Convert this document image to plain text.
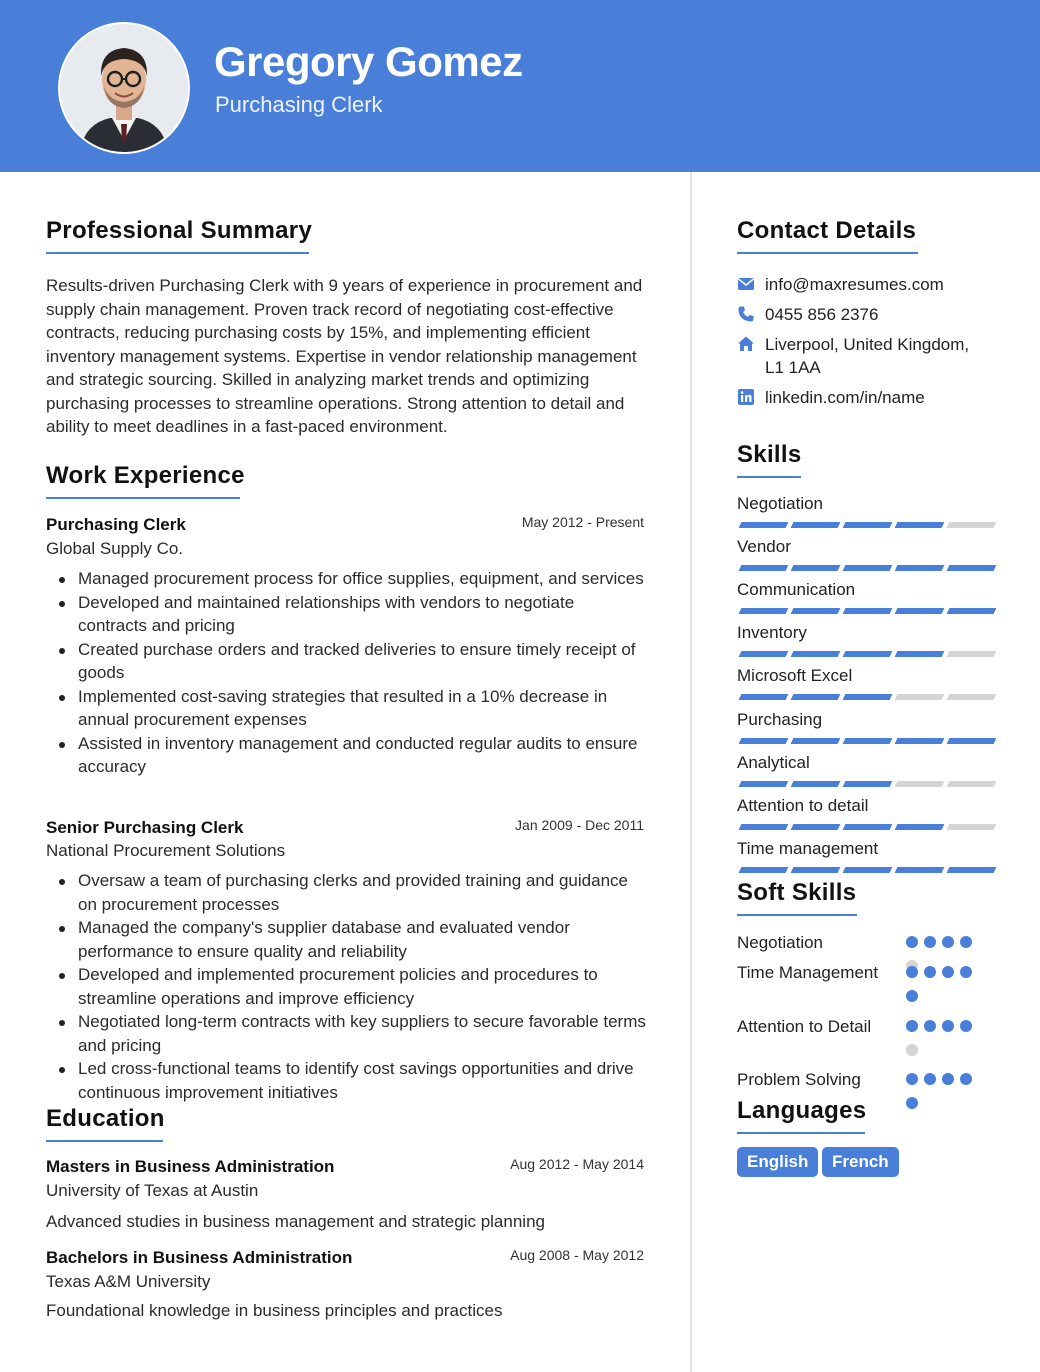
Gregory Gomez
Purchasing Clerk
Professional Summary
Results-driven Purchasing Clerk with 9 years of experience in procurement and supply chain management. Proven track record of negotiating cost-effective contracts, reducing purchasing costs by 15%, and implementing efficient inventory management systems. Expertise in vendor relationship management and strategic sourcing. Skilled in analyzing market trends and optimizing purchasing processes to streamline operations. Strong attention to detail and ability to meet deadlines in a fast-paced environment.
Work Experience
Purchasing Clerk	May 2012 - Present
Global Supply Co.
Managed procurement process for office supplies, equipment, and services
Developed and maintained relationships with vendors to negotiate contracts and pricing
Created purchase orders and tracked deliveries to ensure timely receipt of goods
Implemented cost-saving strategies that resulted in a 10% decrease in annual procurement expenses
Assisted in inventory management and conducted regular audits to ensure accuracy
Senior Purchasing Clerk	Jan 2009 - Dec 2011
National Procurement Solutions
Oversaw a team of purchasing clerks and provided training and guidance on procurement processes
Managed the company's supplier database and evaluated vendor performance to ensure quality and reliability
Developed and implemented procurement policies and procedures to streamline operations and improve efficiency
Negotiated long-term contracts with key suppliers to secure favorable terms and pricing
Led cross-functional teams to identify cost savings opportunities and drive continuous improvement initiatives
Education
Masters in Business Administration	Aug 2012 - May 2014
University of Texas at Austin
Advanced studies in business management and strategic planning
Bachelors in Business Administration	Aug 2008 - May 2012
Texas A&M University
Foundational knowledge in business principles and practices
Contact Details
info@maxresumes.com
0455 856 2376
Liverpool, United Kingdom, L1 1AA
linkedin.com/in/name
Skills
Negotiation
Vendor
Communication
Inventory
Microsoft Excel
Purchasing
Analytical
Attention to detail
Time management
Soft Skills
Negotiation
Time Management
Attention to Detail
Problem Solving
Languages
English	French
